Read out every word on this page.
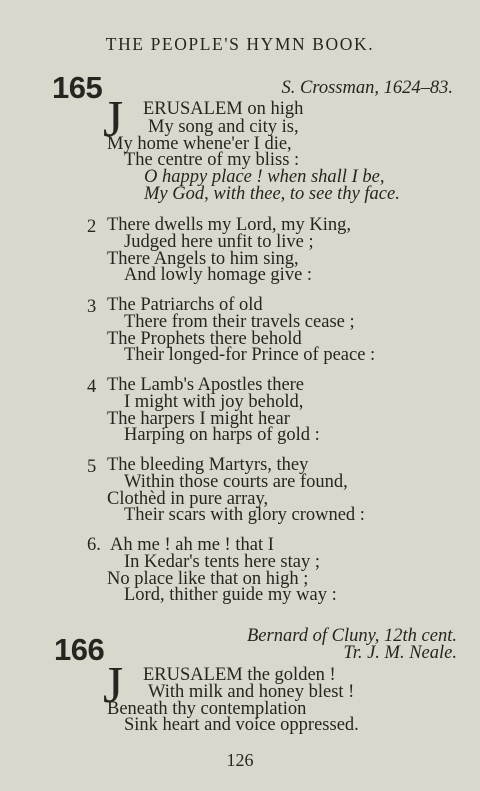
THE PEOPLE'S HYMN BOOK.
165	S. Crossman, 1624–83.
J ERUSALEM on high
My song and city is,
My home whene'er I die,
The centre of my bliss :
O happy place ! when shall I be,
My God, with thee, to see thy face.
2 There dwells my Lord, my King,
Judged here unfit to live ;
There Angels to him sing,
And lowly homage give :
3 The Patriarchs of old
There from their travels cease ;
The Prophets there behold
Their longed-for Prince of peace :
4 The Lamb's Apostles there
I might with joy behold,
The harpers I might hear
Harping on harps of gold :
5 The bleeding Martyrs, they
Within those courts are found,
Clothèd in pure array,
Their scars with glory crowned :
6. Ah me ! ah me ! that I
In Kedar's tents here stay ;
No place like that on high ;
Lord, thither guide my way :
Bernard of Cluny, 12th cent.
166	Tr. J. M. Neale.
J ERUSALEM the golden !
With milk and honey blest !
Beneath thy contemplation
Sink heart and voice oppressed.
126
